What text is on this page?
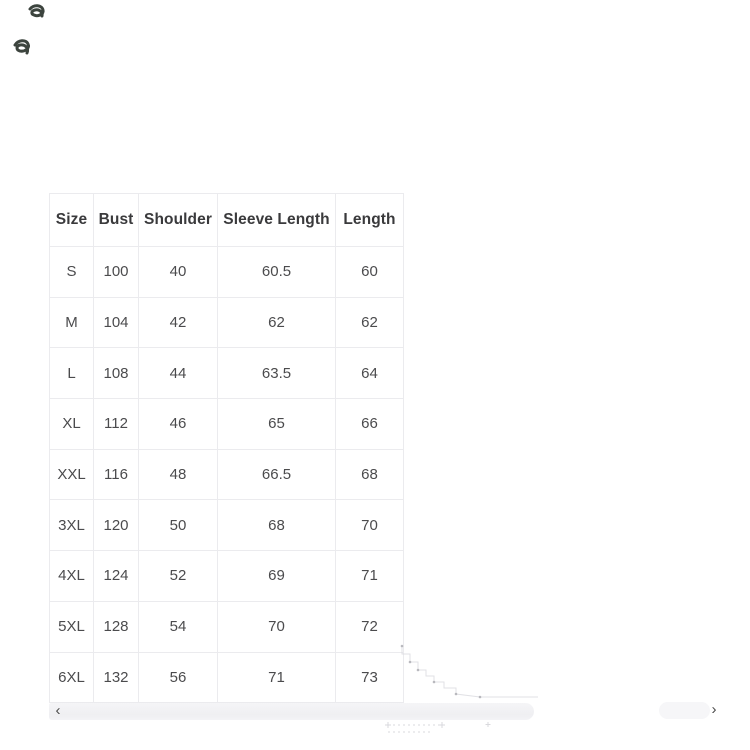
Size	Bust	Shoulder	Sleeve Length	Length
S	100	40	60.5	60
M	104	42	62	62
L	108	44	63.5	64
XL	112	46	65	66
XXL	116	48	66.5	68
3XL	120	50	68	70
4XL	124	52	69	71
5XL	128	54	70	72
6XL	132	56	71	73
‹	›
